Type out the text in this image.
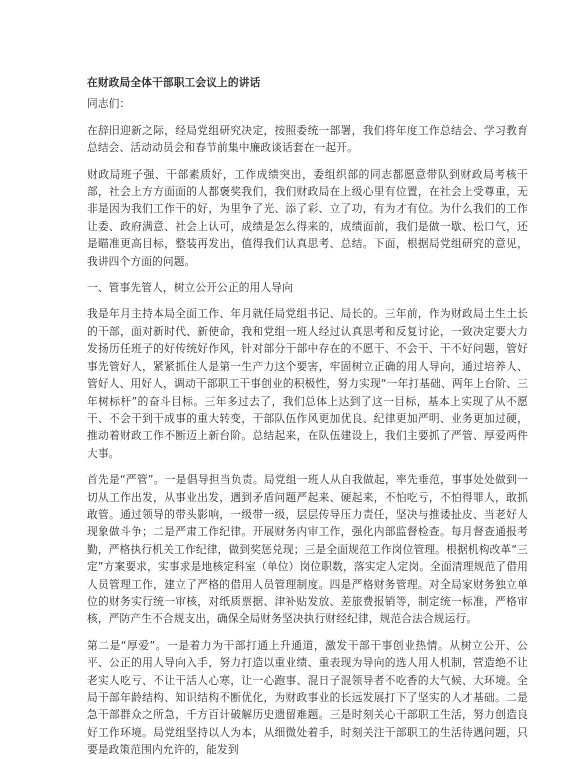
在财政局全体干部职工会议上的讲话

同志们：

在辞旧迎新之际，经局党组研究决定，按照委统一部署，我们将年度工作总结会、学习教育总结会、活动动员会和春节前集中廉政谈话套在一起开。

财政局班子强、干部素质好，工作成绩突出，委组织部的同志都愿意带队到财政局考核干部，社会上方方面面的人都褒奖我们，我们财政局在上级心里有位置，在社会上受尊重，无非是因为我们工作干的好，为里争了光、添了彩、立了功，有为才有位。为什么我们的工作让委、政府满意、社会上认可，成绩是怎么得来的，成绩面前，我们是做一歇、松口气，还是瞄准更高目标，整装再发出，值得我们认真思考、总结。下面，根据局党组研究的意见，我讲四个方面的问题。

一、管事先管人，树立公开公正的用人导向

我是年月主持本局全面工作、年月就任局党组书记、局长的。三年前，作为财政局土生土长的干部，面对新时代、新使命，我和党组一班人经过认真思考和反复讨论，一致决定要大力发扬历任班子的好传统好作风，针对部分干部中存在的不愿干、不会干、干不好问题，管好事先管好人，紧紧抓住人是第一生产力这个要害，牢固树立正确的用人导向，通过培养人、管好人、用好人，调动干部职工干事创业的积极性，努力实现“一年打基础、两年上台阶、三年树标杆”的奋斗目标。三年多过去了，我们总体上达到了这一目标，基本上实现了从不愿干、不会干到干成事的重大转变，干部队伍作风更加优良、纪律更加严明、业务更加过硬，推动着财政工作不断迈上新台阶。总结起来，在队伍建设上，我们主要抓了严管、厚爱两件大事。

首先是“严管”。一是倡导担当负责。局党组一班人从自我做起，率先垂范，事事处处做到一切从工作出发，从事业出发，遇到矛盾问题严起来、硬起来，不怕吃亏，不怕得罪人，敢抓敢管。通过领导的带头影响，一级带一级，层层传导压力责任，坚决与推诿扯皮、当老好人现象做斗争；二是严肃工作纪律。开展财务内审工作，强化内部监督检查。每月督查通报考勤，严格执行机关工作纪律，做到奖惩兑现；三是全面规范工作岗位管理。根据机构改革“三定”方案要求，实事求是地核定科室（单位）岗位职数，落实定人定岗。全面清理规范了借用人员管理工作，建立了严格的借用人员管理制度。四是严格财务管理。对全局家财务独立单位的财务实行统一审核，对纸质票据、津补贴发放、差旅费报销等，制定统一标准，严格审核，严防产生不合规支出，确保全局财务坚决执行财经纪律，规范合法合规运行。

第二是“厚爱”。一是着力为干部打通上升通道，激发干部干事创业热情。从树立公开、公平、公正的用人导向入手，努力打造以重业绩、重表现为导向的选人用人机制，营造绝不让老实人吃亏、不让干活人心寒，让一心跑事、混日子混领导者不吃香的大气候、大环境。全局干部年龄结构、知识结构不断优化，为财政事业的长远发展打下了坚实的人才基础。二是急干部群众之所急，千方百计破解历史遗留难题。三是时刻关心干部职工生活，努力创造良好工作环境。局党组坚持以人为本，从细微处着手，时刻关注干部职工的生活待遇问题，只要是政策范围内允许的，能发到
